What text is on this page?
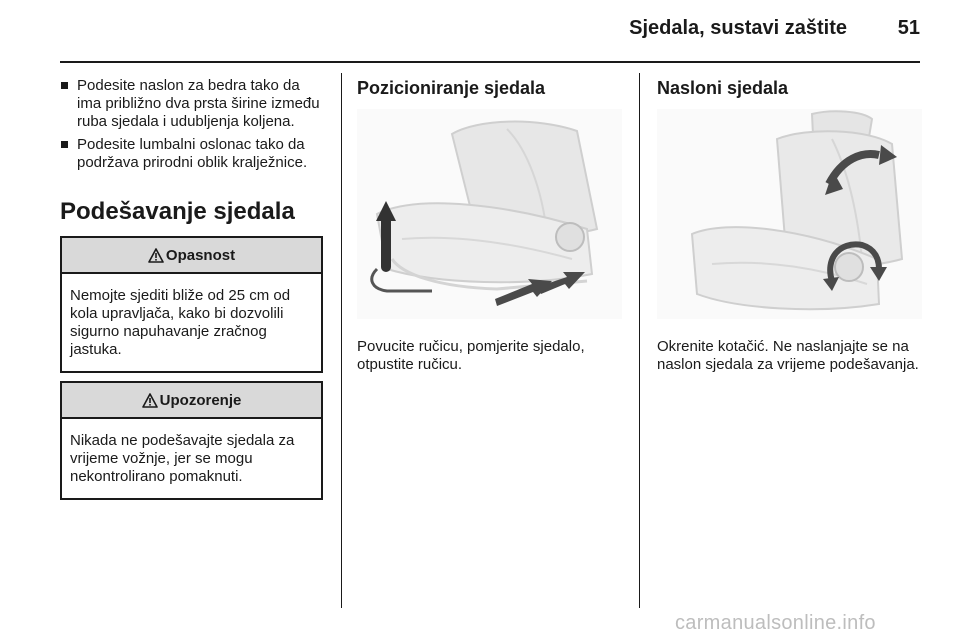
Sjedala, sustavi zaštite	51
Podesite naslon za bedra tako da ima približno dva prsta širine između ruba sjedala i udubljenja koljena.
Podesite lumbalni oslonac tako da podržava prirodni oblik kralježnice.
Podešavanje sjedala
Opasnost
Nemojte sjediti bliže od 25 cm od kola upravljača, kako bi dozvolili sigurno napuhavanje zračnog jastuka.
Upozorenje
Nikada ne podešavajte sjedala za vrijeme vožnje, jer se mogu nekontrolirano pomaknuti.
Pozicioniranje sjedala
Povucite ručicu, pomjerite sjedalo, otpustite ručicu.
Nasloni sjedala
Okrenite kotačić. Ne naslanjajte se na naslon sjedala za vrijeme podešavanja.
carmanualsonline.info
